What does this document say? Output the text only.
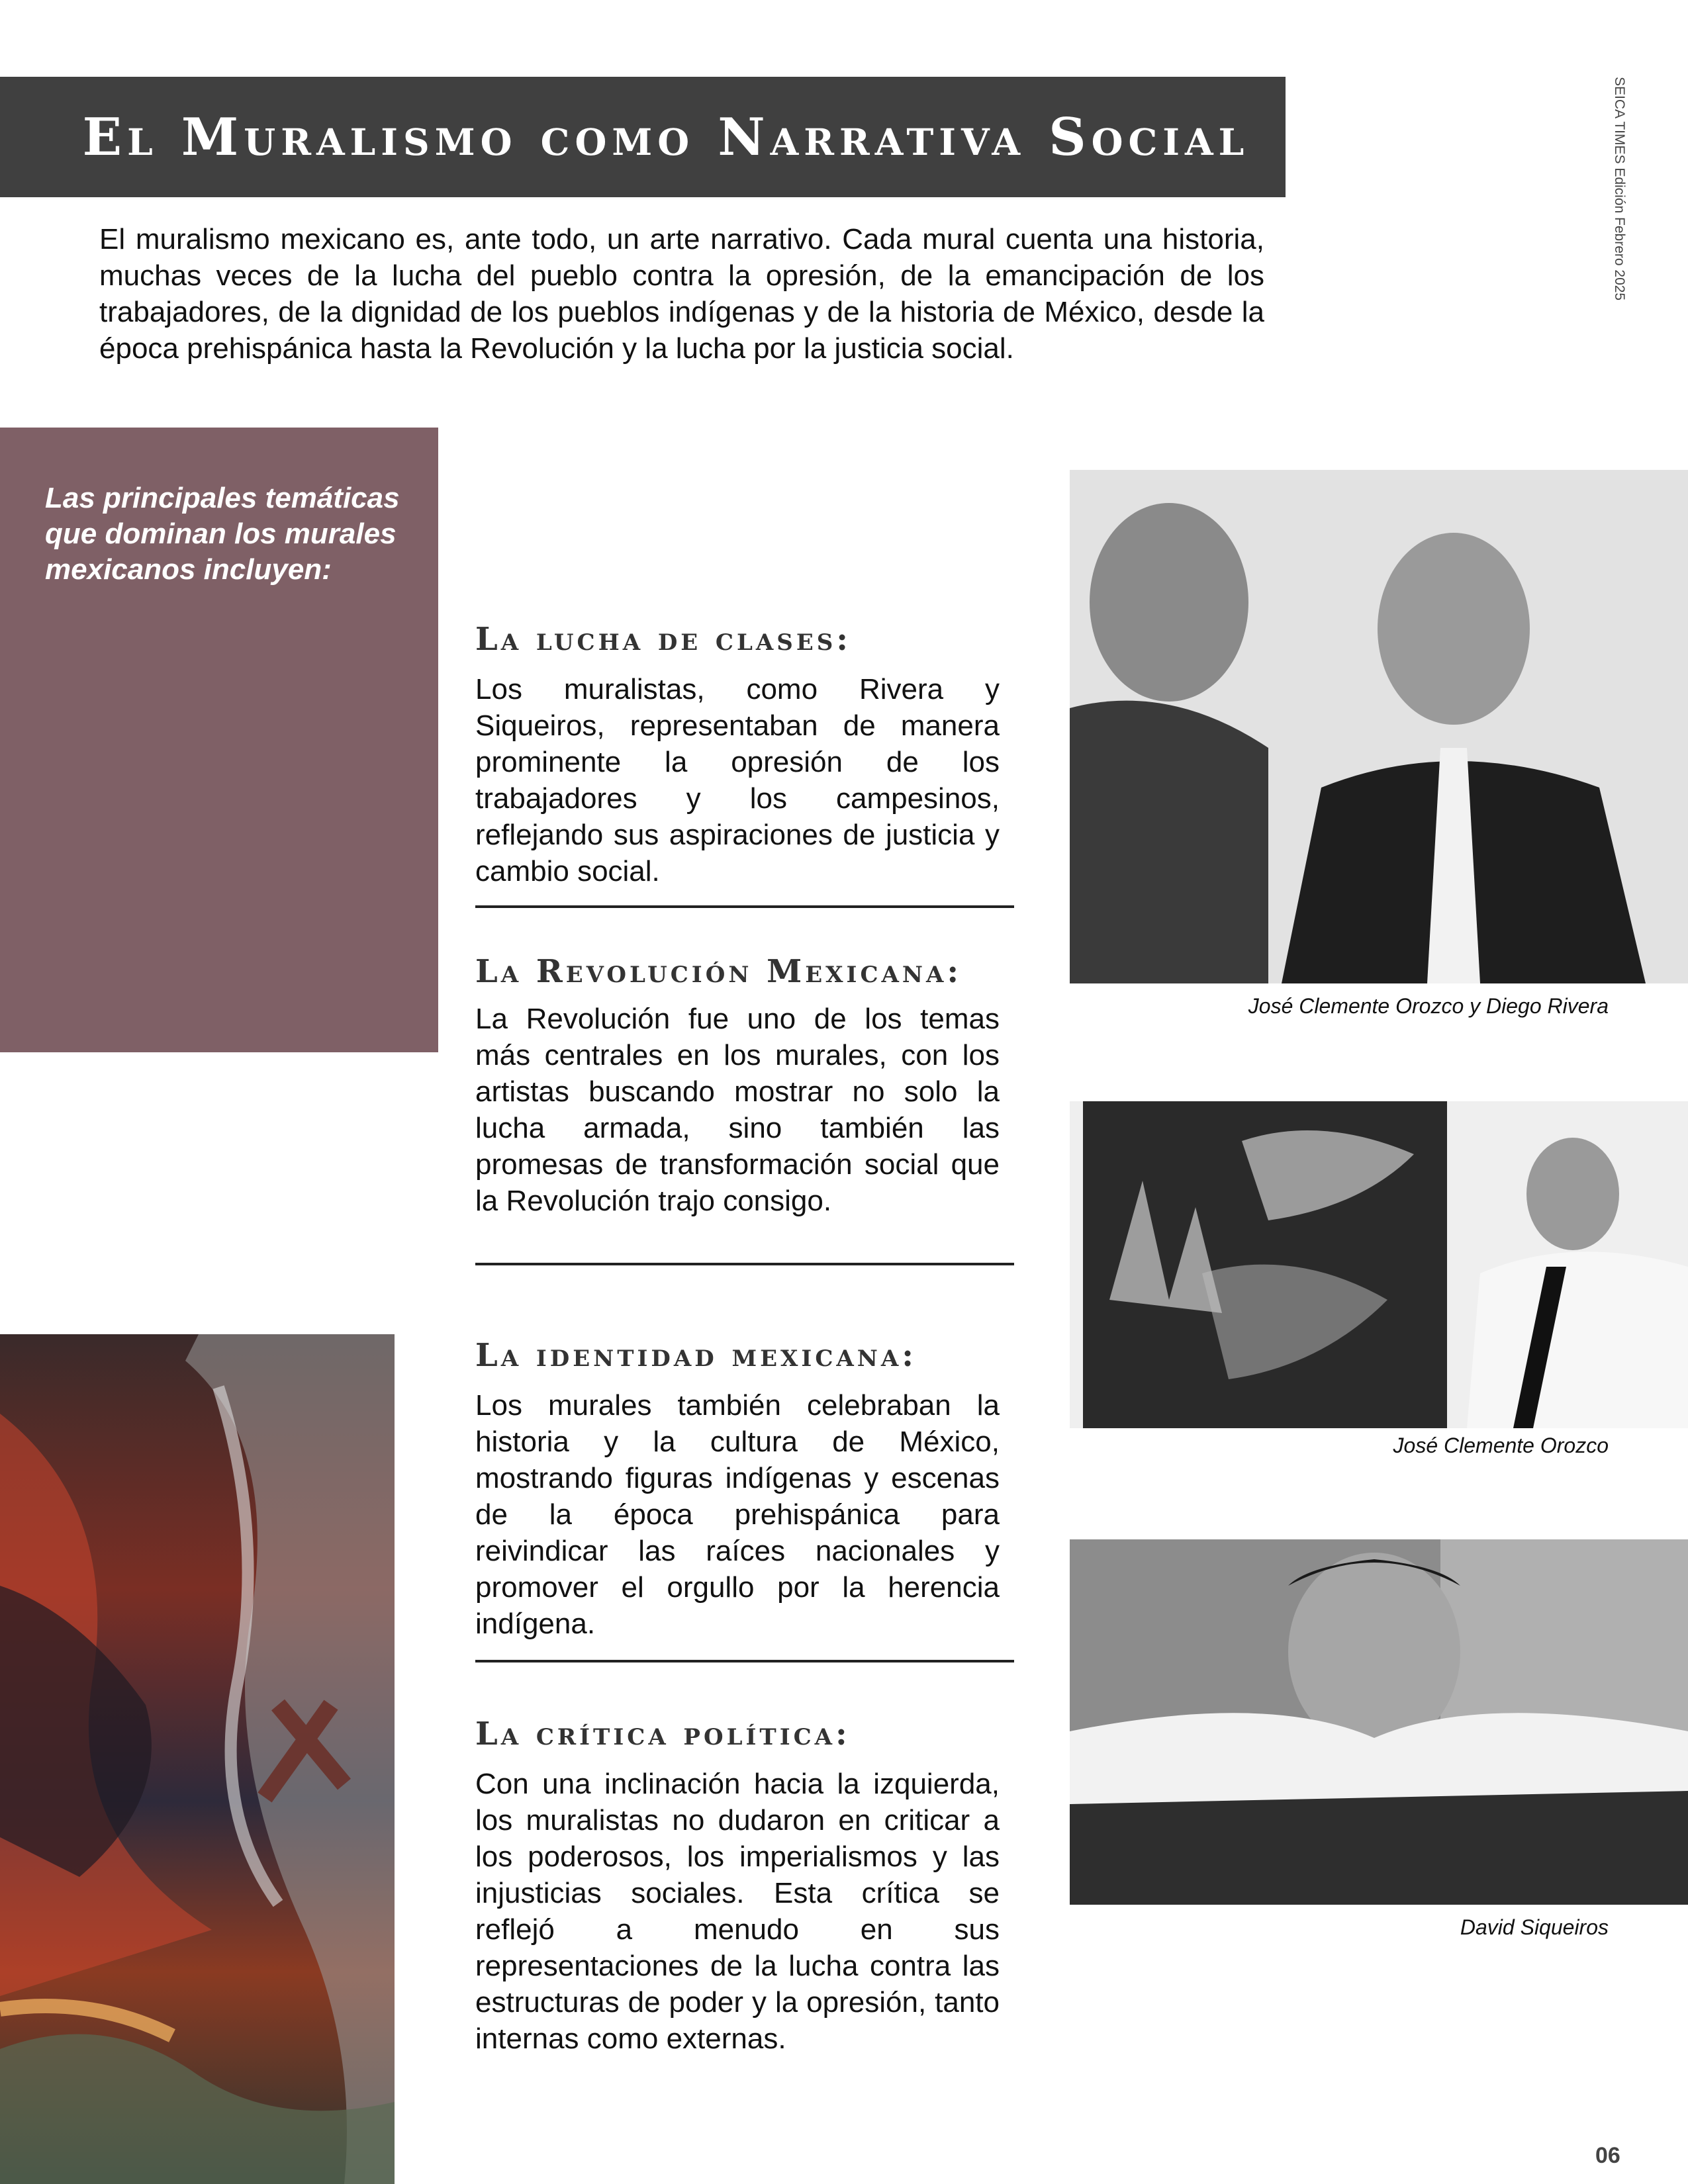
El Muralismo como Narrativa Social	SEICA TIMES Edición Febrero 2025

El muralismo mexicano es, ante todo, un arte narrativo. Cada mural cuenta una historia, muchas veces de la lucha del pueblo contra la opresión, de la emancipación de los trabajadores, de la dignidad de los pueblos indígenas y de la historia de México, desde la época prehispánica hasta la Revolución y la lucha por la justicia social.

Las principales temáticas que dominan los murales mexicanos incluyen:

La lucha de clases:

Los muralistas, como Rivera y Siqueiros, representaban de manera prominente la opresión de los trabajadores y los campesinos, reflejando sus aspiraciones de justicia y cambio social.

La Revolución Mexicana:

La Revolución fue uno de los temas más centrales en los murales, con los artistas buscando mostrar no solo la lucha armada, sino también las promesas de transformación social que la Revolución trajo consigo.

La identidad mexicana:

Los murales también celebraban la historia y la cultura de México, mostrando figuras indígenas y escenas de la época prehispánica para reivindicar las raíces nacionales y promover el orgullo por la herencia indígena.

La crítica política:

Con una inclinación hacia la izquierda, los muralistas no dudaron en criticar a los poderosos, los imperialismos y las injusticias sociales. Esta crítica se reflejó a menudo en sus representaciones de la lucha contra las estructuras de poder y la opresión, tanto internas como externas.

José Clemente Orozco y Diego Rivera
José Clemente Orozco
David Siqueiros
06
